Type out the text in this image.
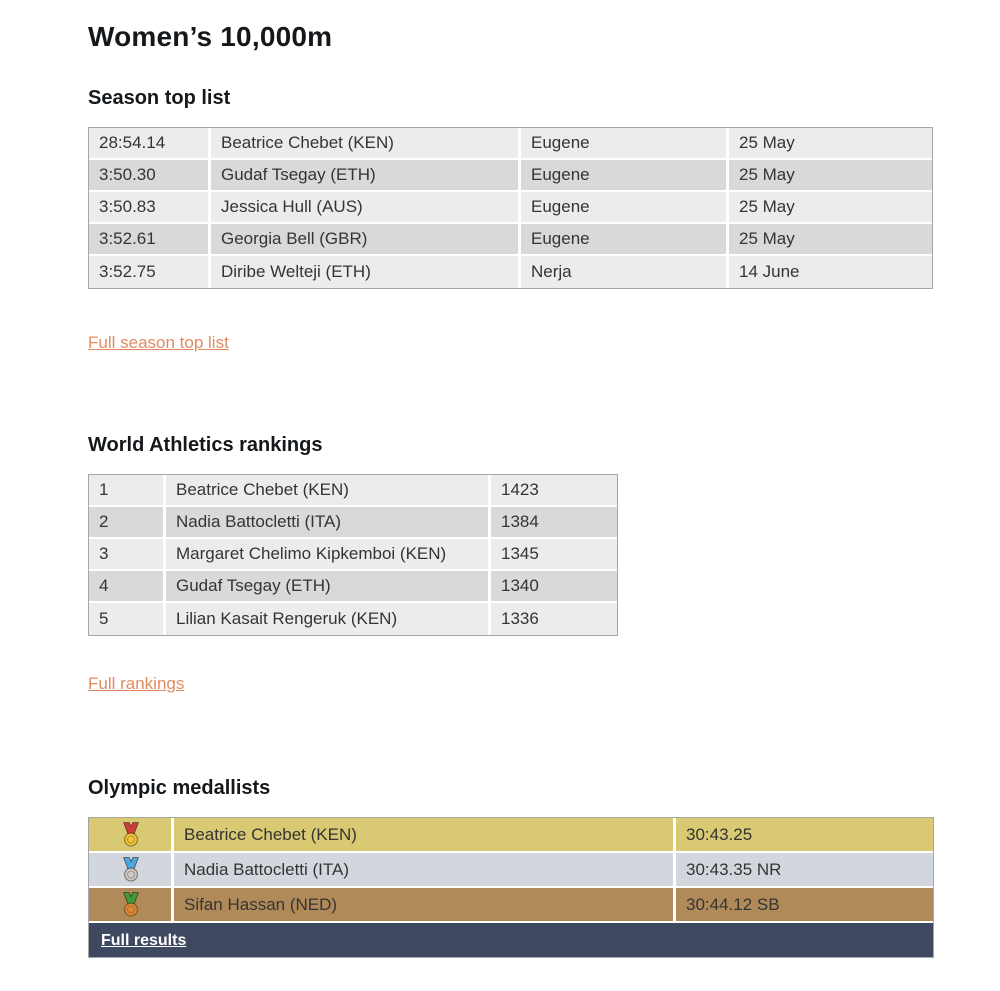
Women’s 10,000m
Season top list
28:54.14	Beatrice Chebet (KEN)	Eugene	25 May
3:50.30	Gudaf Tsegay (ETH)	Eugene	25 May
3:50.83	Jessica Hull (AUS)	Eugene	25 May
3:52.61	Georgia Bell (GBR)	Eugene	25 May
3:52.75	Diribe Welteji (ETH)	Nerja	14 June
Full season top list
World Athletics rankings
1	Beatrice Chebet (KEN)	1423
2	Nadia Battocletti (ITA)	1384
3	Margaret Chelimo Kipkemboi (KEN)	1345
4	Gudaf Tsegay (ETH)	1340
5	Lilian Kasait Rengeruk (KEN)	1336
Full rankings
Olympic medallists
	Beatrice Chebet (KEN)	30:43.25
	Nadia Battocletti (ITA)	30:43.35 NR
	Sifan Hassan (NED)	30:44.12 SB
Full results		
